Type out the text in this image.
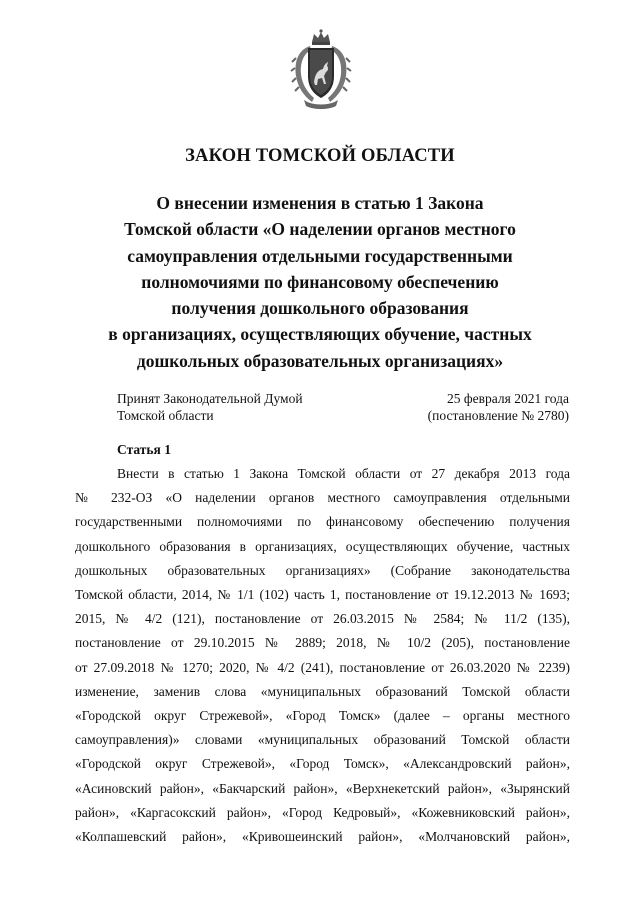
ЗАКОН ТОМСКОЙ ОБЛАСТИ
О внесении изменения в статью 1 Закона
Томской области «О наделении органов местного
самоуправления отдельными государственными
полномочиями по финансовому обеспечению
получения дошкольного образования
в организациях, осуществляющих обучение, частных
дошкольных образовательных организациях»
Принят Законодательной Думой
Томской области
25 февраля 2021 года
(постановление № 2780)
Статья 1
Внести в статью 1 Закона Томской области от 27 декабря 2013 года
№ 232-ОЗ «О наделении органов местного самоуправления отдельными
государственными полномочиями по финансовому обеспечению получения
дошкольного образования в организациях, осуществляющих обучение, частных
дошкольных образовательных организациях» (Собрание законодательства
Томской области, 2014, № 1/1 (102) часть 1, постановление от 19.12.2013 № 1693;
2015, № 4/2 (121), постановление от 26.03.2015 № 2584; № 11/2 (135),
постановление от 29.10.2015 № 2889; 2018, № 10/2 (205), постановление
от 27.09.2018 № 1270; 2020, № 4/2 (241), постановление от 26.03.2020 № 2239)
изменение, заменив слова «муниципальных образований Томской области
«Городской округ Стрежевой», «Город Томск» (далее – органы местного
самоуправления)» словами «муниципальных образований Томской области
«Городской округ Стрежевой», «Город Томск», «Александровский район»,
«Асиновский район», «Бакчарский район», «Верхнекетский район», «Зырянский
район», «Каргасокский район», «Город Кедровый», «Кожевниковский район»,
«Колпашевский район», «Кривошеинский район», «Молчановский район»,
